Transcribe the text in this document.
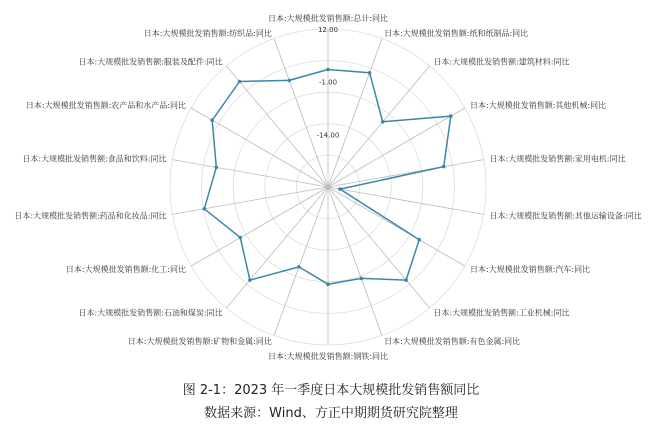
12.00
-1.00
-14.00
日本:大规模批发销售额:总计:同比
日本:大规模批发销售额:纸和纸制品:同比
日本:大规模批发销售额:建筑材料:同比
日本:大规模批发销售额:其他机械:同比
日本:大规模批发销售额:家用电机:同比
日本:大规模批发销售额:其他运输设备:同比
日本:大规模批发销售额:汽车:同比
日本:大规模批发销售额:工业机械:同比
日本:大规模批发销售额:有色金属:同比
日本:大规模批发销售额:钢铁:同比
日本:大规模批发销售额:矿物和金属:同比
日本:大规模批发销售额:石油和煤炭:同比
日本:大规模批发销售额:化工:同比
日本:大规模批发销售额:药品和化妆品:同比
日本:大规模批发销售额:食品和饮料:同比
日本:大规模批发销售额:农产品和水产品:同比
日本:大规模批发销售额:服装及配件:同比
日本:大规模批发销售额:纺织品:同比
图 2-1：2023 年一季度日本大规模批发销售额同比
数据来源：Wind、方正中期期货研究院整理
